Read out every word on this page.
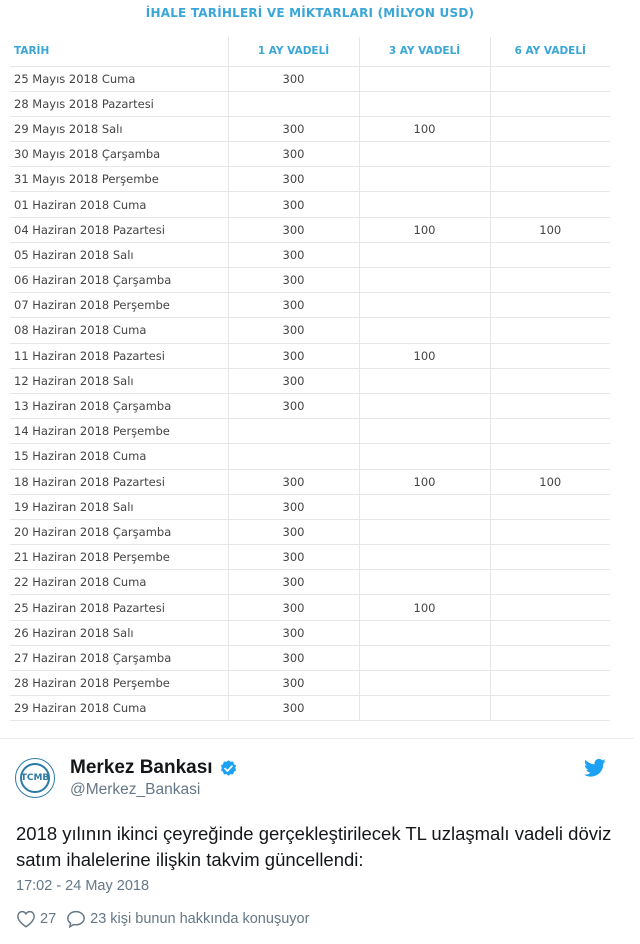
İHALE TARİHLERİ VE MİKTARLARI (MİLYON USD)
TARİH	1 AY VADELİ	3 AY VADELİ	6 AY VADELİ
25 Mayıs 2018 Cuma	300		
28 Mayıs 2018 Pazartesi			
29 Mayıs 2018 Salı	300	100	
30 Mayıs 2018 Çarşamba	300		
31 Mayıs 2018 Perşembe	300		
01 Haziran 2018 Cuma	300		
04 Haziran 2018 Pazartesi	300	100	100
05 Haziran 2018 Salı	300		
06 Haziran 2018 Çarşamba	300		
07 Haziran 2018 Perşembe	300		
08 Haziran 2018 Cuma	300		
11 Haziran 2018 Pazartesi	300	100	
12 Haziran 2018 Salı	300		
13 Haziran 2018 Çarşamba	300		
14 Haziran 2018 Perşembe			
15 Haziran 2018 Cuma			
18 Haziran 2018 Pazartesi	300	100	100
19 Haziran 2018 Salı	300		
20 Haziran 2018 Çarşamba	300		
21 Haziran 2018 Perşembe	300		
22 Haziran 2018 Cuma	300		
25 Haziran 2018 Pazartesi	300	100	
26 Haziran 2018 Salı	300		
27 Haziran 2018 Çarşamba	300		
28 Haziran 2018 Perşembe	300		
29 Haziran 2018 Cuma	300		
TCMB Merkez Bankası
@Merkez_Bankasi
2018 yılının ikinci çeyreğinde gerçekleştirilecek TL uzlaşmalı vadeli döviz satım ihalelerine ilişkin takvim güncellendi:
17:02 - 24 May 2018
27 23 kişi bunun hakkında konuşuyor
